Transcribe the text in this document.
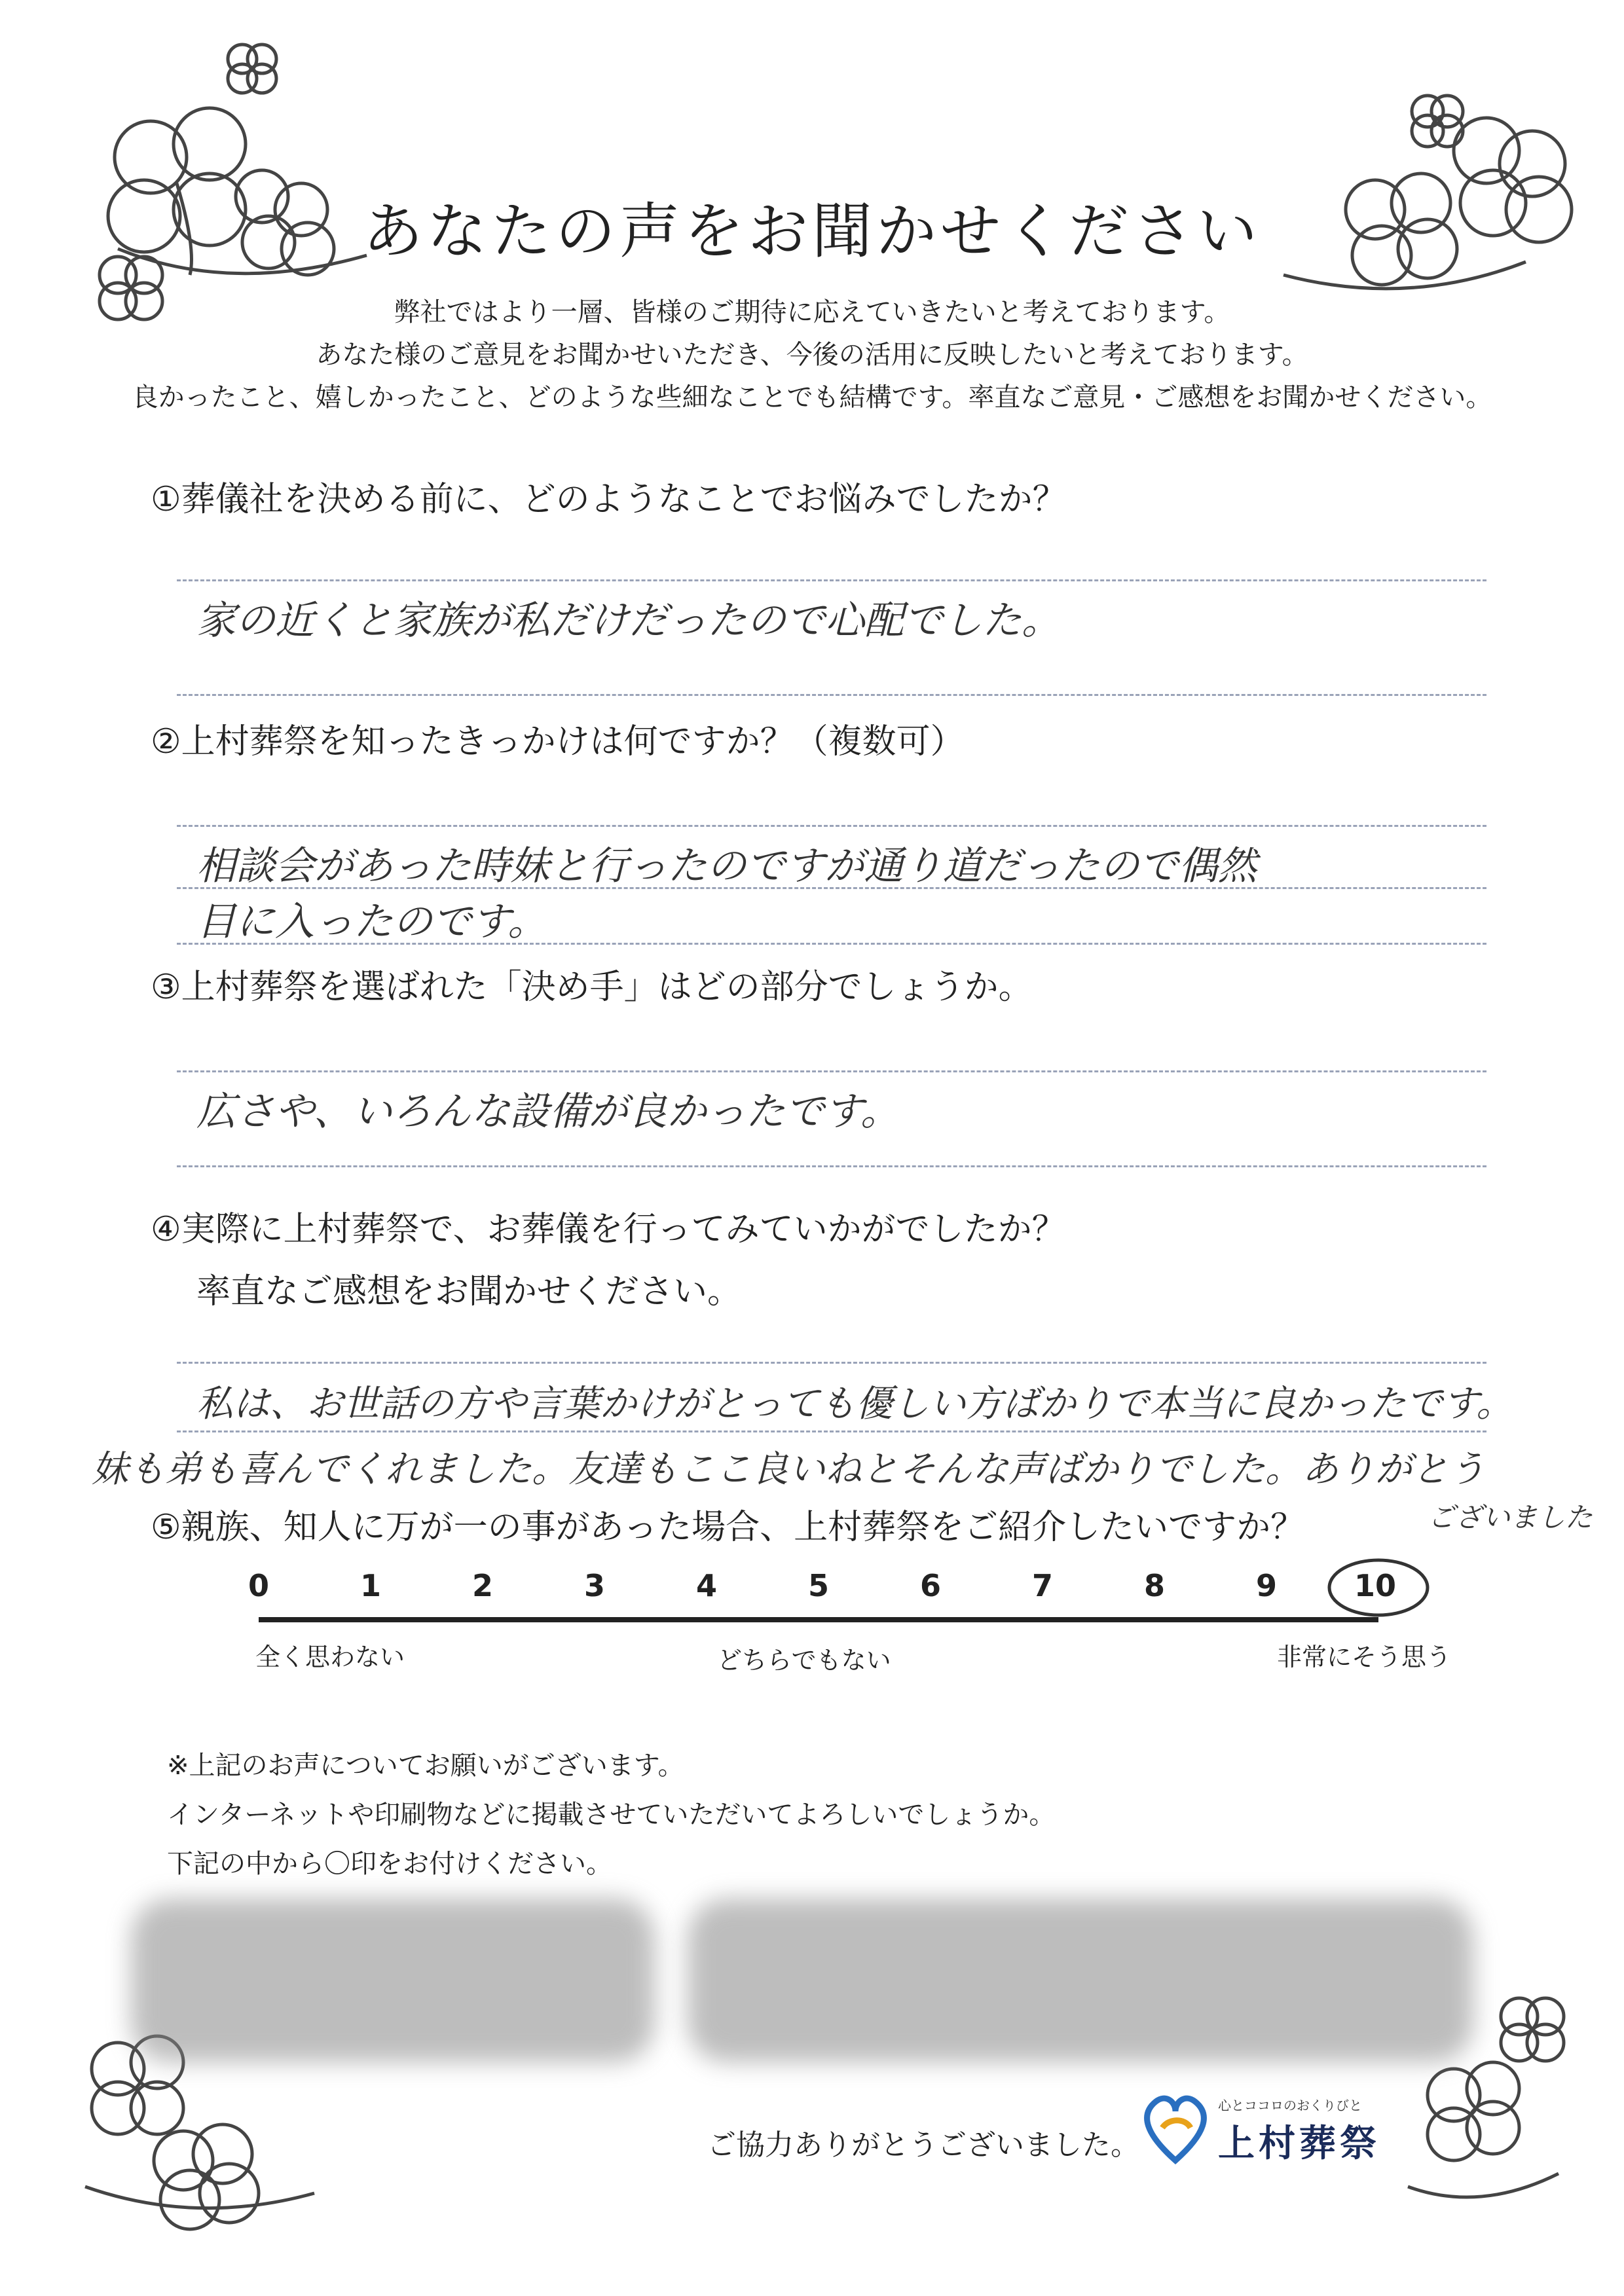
あなたの声をお聞かせください
弊社ではより一層、皆様のご期待に応えていきたいと考えております。
あなた様のご意見をお聞かせいただき、今後の活用に反映したいと考えております。
良かったこと、嬉しかったこと、どのような些細なことでも結構です。率直なご意見・ご感想をお聞かせください。
①葬儀社を決める前に、どのようなことでお悩みでしたか？
家の近くと家族が私だけだったので心配でした。
②上村葬祭を知ったきっかけは何ですか？（複数可）
相談会があった時妹と行ったのですが通り道だったので偶然
目に入ったのです。
③上村葬祭を選ばれた「決め手」はどの部分でしょうか。
広さや、いろんな設備が良かったです。
④実際に上村葬祭で、お葬儀を行ってみていかがでしたか？
率直なご感想をお聞かせください。
私は、お世話の方や言葉かけがとっても優しい方ばかりで本当に良かったです。
妹も弟も喜んでくれました。友達もここ良いねとそんな声ばかりでした。ありがとう
ございました
⑤親族、知人に万が一の事があった場合、上村葬祭をご紹介したいですか？
0	1	2	3	4	5	6	7	8	9	10
全く思わない	どちらでもない	非常にそう思う
※上記のお声についてお願いがございます。
インターネットや印刷物などに掲載させていただいてよろしいでしょうか。
下記の中から〇印をお付けください。
ご協力ありがとうございました。
心とココロのおくりびと
上村葬祭
